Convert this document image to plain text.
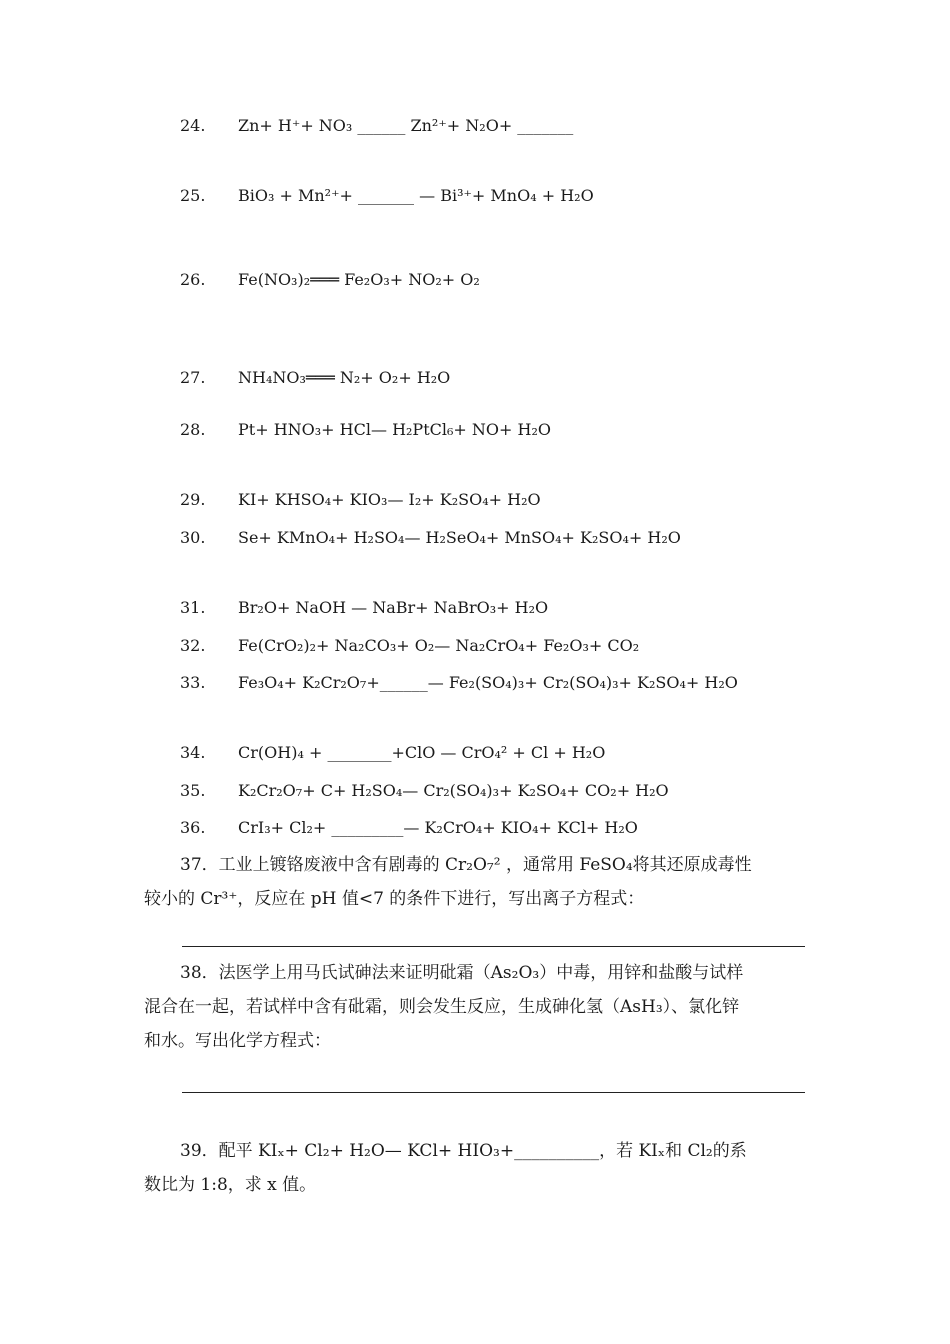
24. Zn+ H⁺+ NO₃ ______ Zn²⁺+ N₂O+ _______
25. BiO₃ + Mn²⁺+ _______ — Bi³⁺+ MnO₄ + H₂O
26. Fe(NO₃)₂═══ Fe₂O₃+ NO₂+ O₂
27. NH₄NO₃═══ N₂+ O₂+ H₂O
28. Pt+ HNO₃+ HCl— H₂PtCl₆+ NO+ H₂O
29. KI+ KHSO₄+ KIO₃— I₂+ K₂SO₄+ H₂O
30. Se+ KMnO₄+ H₂SO₄— H₂SeO₄+ MnSO₄+ K₂SO₄+ H₂O
31. Br₂O+ NaOH — NaBr+ NaBrO₃+ H₂O
32. Fe(CrO₂)₂+ Na₂CO₃+ O₂— Na₂CrO₄+ Fe₂O₃+ CO₂
33. Fe₃O₄+ K₂Cr₂O₇+______— Fe₂(SO₄)₃+ Cr₂(SO₄)₃+ K₂SO₄+ H₂O
34. Cr(OH)₄ + ________+ClO — CrO₄² + Cl + H₂O
35. K₂Cr₂O₇+ C+ H₂SO₄— Cr₂(SO₄)₃+ K₂SO₄+ CO₂+ H₂O
36. CrI₃+ Cl₂+ _________— K₂CrO₄+ KIO₄+ KCl+ H₂O
37．工业上镀铬废液中含有剧毒的 Cr₂O₇² ，通常用 FeSO₄将其还原成毒性
较小的 Cr³⁺，反应在 pH 值<7 的条件下进行，写出离子方程式：
38．法医学上用马氏试砷法来证明砒霜（As₂O₃）中毒，用锌和盐酸与试样
混合在一起，若试样中含有砒霜，则会发生反应，生成砷化氢（AsH₃）、氯化锌
和水。写出化学方程式：
39．配平 KIₓ+ Cl₂+ H₂O— KCl+ HIO₃+__________，若 KIₓ和 Cl₂的系
数比为 1:8，求 x 值。
